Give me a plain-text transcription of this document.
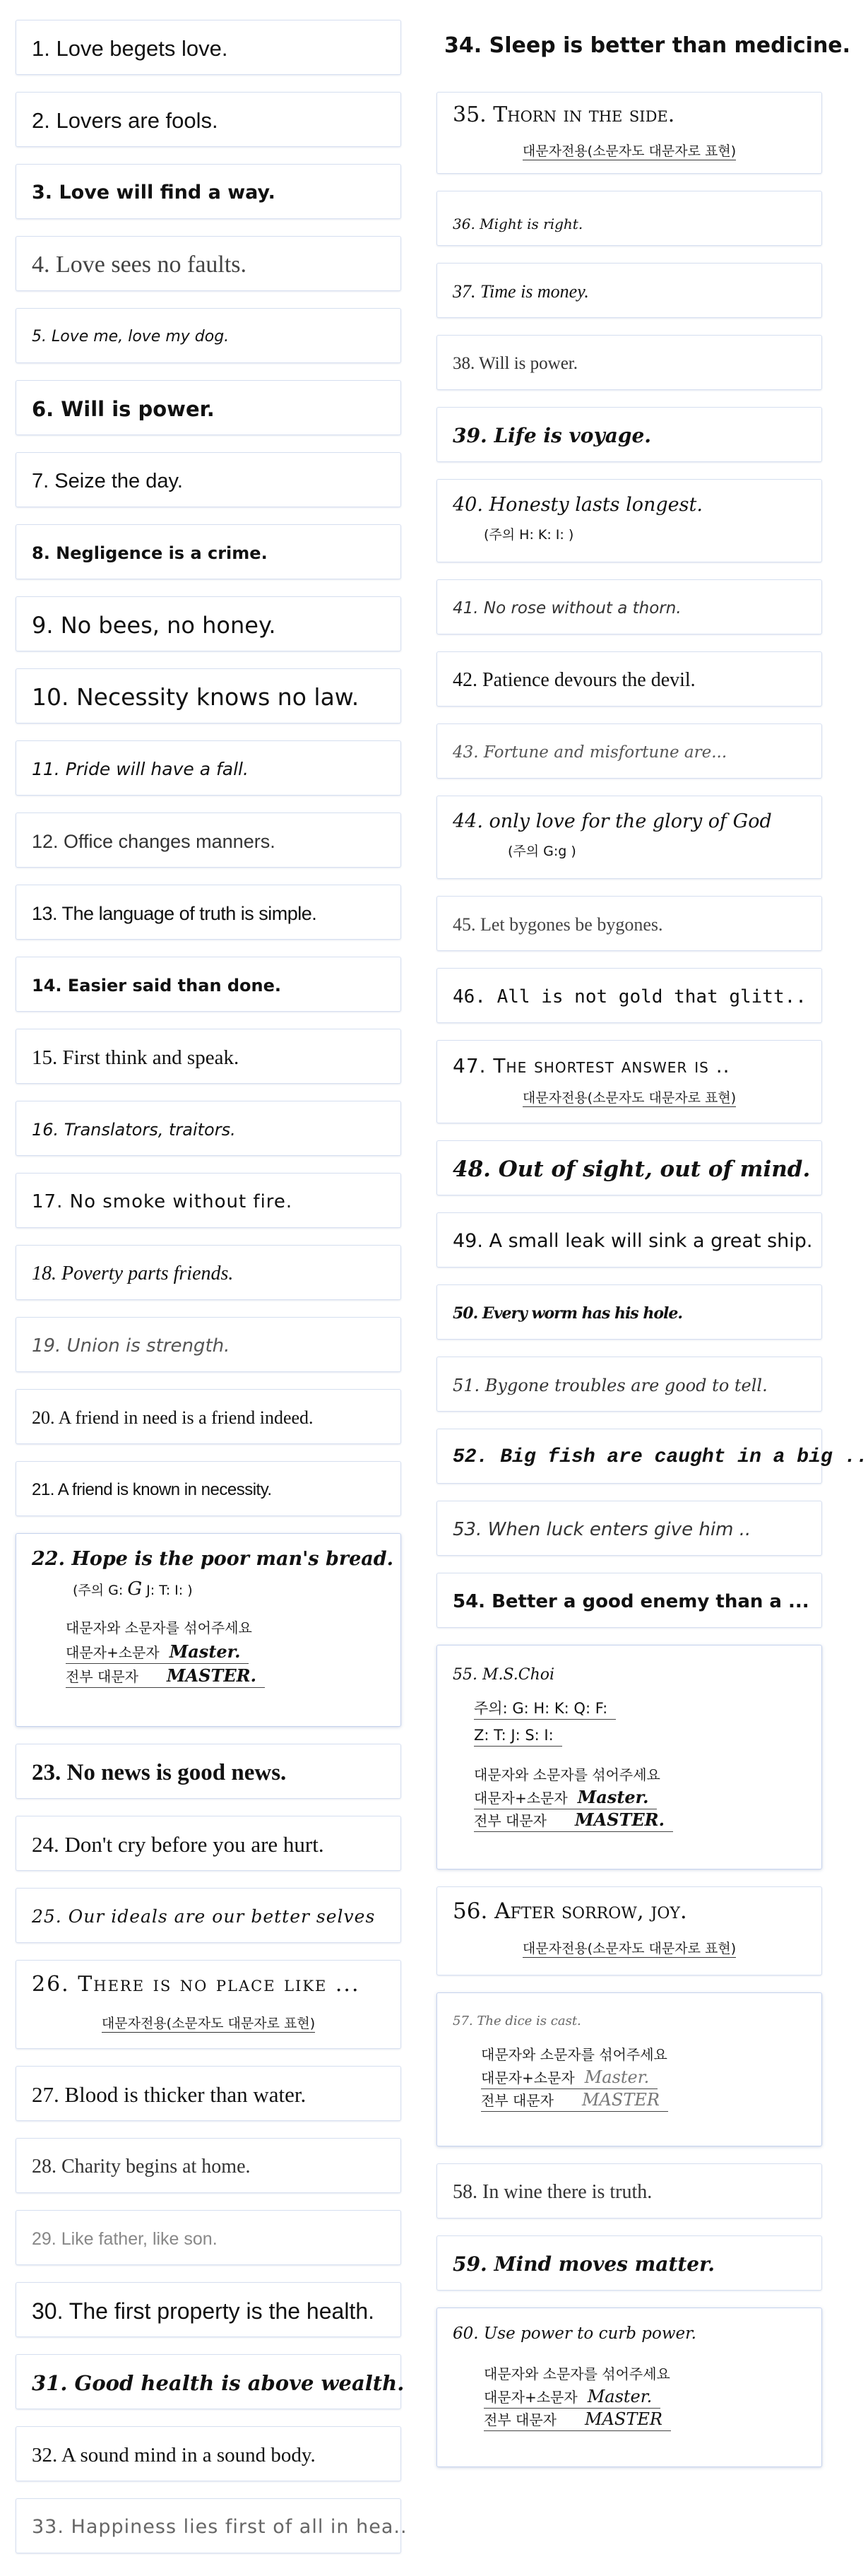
1. Love begets love.
2. Lovers are fools.
3. Love will find a way.
4. Love sees no faults.
5. Love me, love my dog.
6. Will is power.
7. Seize the day.
8. Negligence is a crime.
9. No bees, no honey.
10. Necessity knows no law.
11. Pride will have a fall.
12. Office changes manners.
13. The language of truth is simple.
14. Easier said than done.
15. First think and speak.
16. Translators, traitors.
17. No smoke without fire.
18. Poverty parts friends.
19. Union is strength.
20. A friend in need is a friend indeed.
21. A friend is known in necessity.
22. Hope is the poor man's bread.
(주의 G: G J: T: I: )
대문자와 소문자를 섞어주세요
대문자+소문자 Master.
전부 대문자 MASTER.
23. No news is good news.
24. Don't cry before you are hurt.
25. Our ideals are our better selves
26. There is no place like ...
대문자전용(소문자도 대문자로 표현)
27. Blood is thicker than water.
28. Charity begins at home.
29. Like father, like son.
30. The first property is the health.
31. Good health is above wealth.
32. A sound mind in a sound body.
33. Happiness lies first of all in hea..
34. Sleep is better than medicine.
35. Thorn in the side.
대문자전용(소문자도 대문자로 표현)
36. Might is right.
37. Time is money.
38. Will is power.
39. Life is voyage.
40. Honesty lasts longest.
(주의 H: K: I: )
41. No rose without a thorn.
42. Patience devours the devil.
43. Fortune and misfortune are...
44. only love for the glory of God
(주의 G:g )
45. Let bygones be bygones.
46. All is not gold that glitt..
47. The shortest answer is ..
대문자전용(소문자도 대문자로 표현)
48. Out of sight, out of mind.
49. A small leak will sink a great ship.
50. Every worm has his hole.
51. Bygone troubles are good to tell.
52. Big fish are caught in a big ..
53. When luck enters give him ..
54. Better a good enemy than a ...
55. M.S.Choi
주의: G: H: K: Q: F:
Z: T: J: S: I:
대문자와 소문자를 섞어주세요
대문자+소문자 Master.
전부 대문자 MASTER.
56. After sorrow, joy.
대문자전용(소문자도 대문자로 표현)
57. The dice is cast.
대문자와 소문자를 섞어주세요
대문자+소문자 Master.
전부 대문자 MASTER
58. In wine there is truth.
59. Mind moves matter.
60. Use power to curb power.
대문자와 소문자를 섞어주세요
대문자+소문자 Master.
전부 대문자 MASTER
